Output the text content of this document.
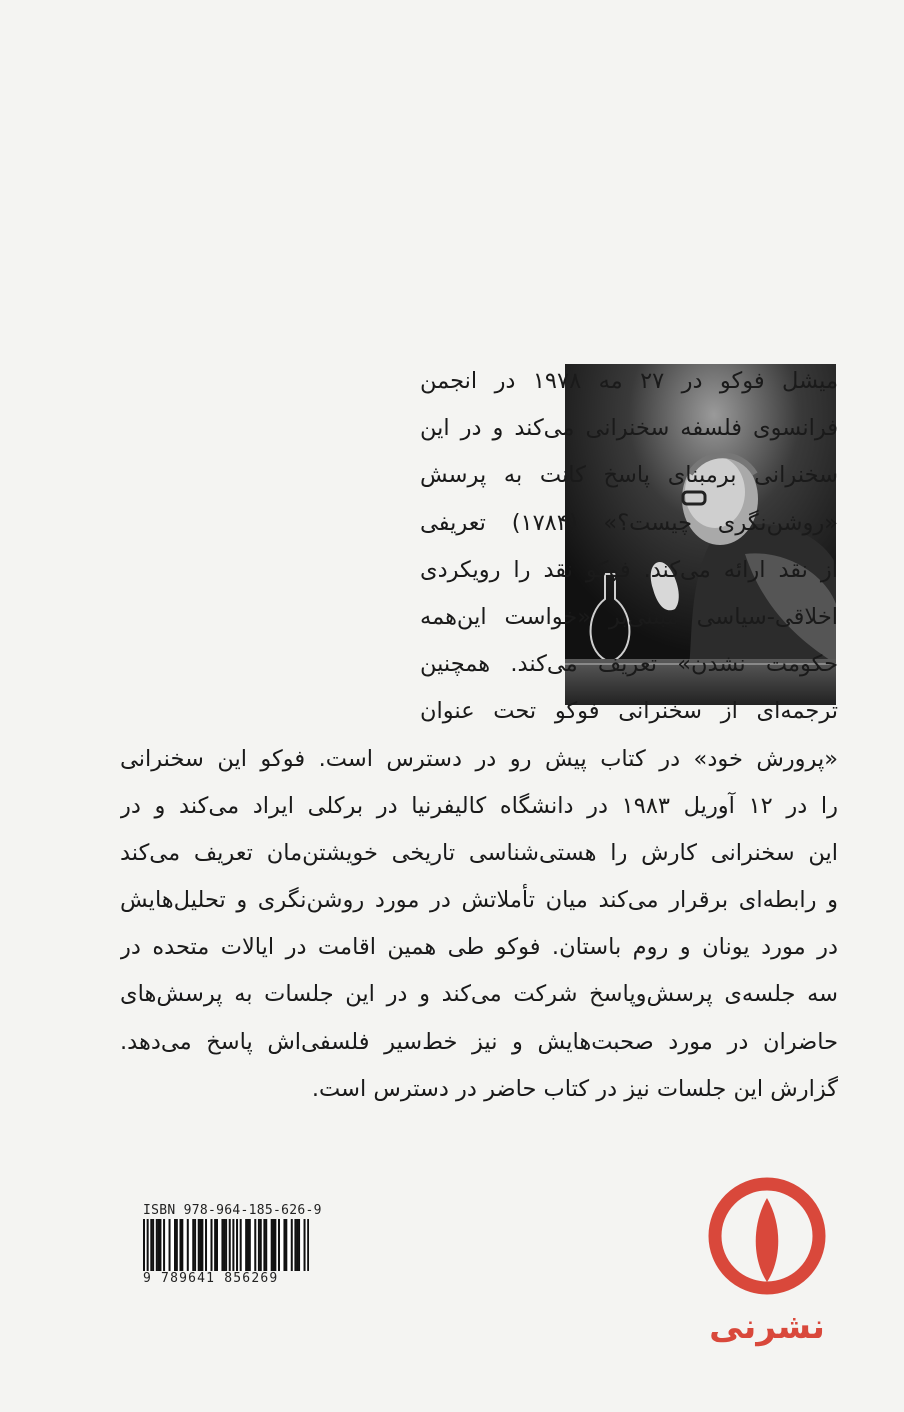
میشل فوکو در ۲۷ مه ۱۹۷۸ در انجمن
فرانسوی فلسفه سخنرانی می‌کند و در این
سخنرانی برمبنای پاسخ کانت به پرسش
«روشن‌نگری چیست؟» (۱۷۸۴) تعریفی
از نقد ارائه می‌کند. فوکو نقد را رویکردی
اخلاقی-سیاسی مبتنی‌بر «خواست این‌همه
حکومت نشدن» تعریف می‌کند. همچنین
ترجمه‌ای از سخنرانی فوکو تحت عنوان
«پرورش خود» در کتاب پیش رو در دسترس است. فوکو این سخنرانی
را در ۱۲ آوریل ۱۹۸۳ در دانشگاه کالیفرنیا در برکلی ایراد می‌کند و در
این سخنرانی کارش را هستی‌شناسی تاریخی خویشتن‌مان تعریف می‌کند
و رابطه‌ای برقرار می‌کند میان تأملاتش در مورد روشن‌نگری و تحلیل‌هایش
در مورد یونان و روم باستان. فوکو طی همین اقامت در ایالات متحده در
سه جلسه‌ی پرسش‌وپاسخ شرکت می‌کند و در این جلسات به پرسش‌های
حاضران در مورد صحبت‌هایش و نیز خط‌سیر فلسفی‌اش پاسخ می‌دهد.
گزارش این جلسات نیز در کتاب حاضر در دسترس است.
ISBN 978-964-185-626-9
9 789641 856269
نشرنی
